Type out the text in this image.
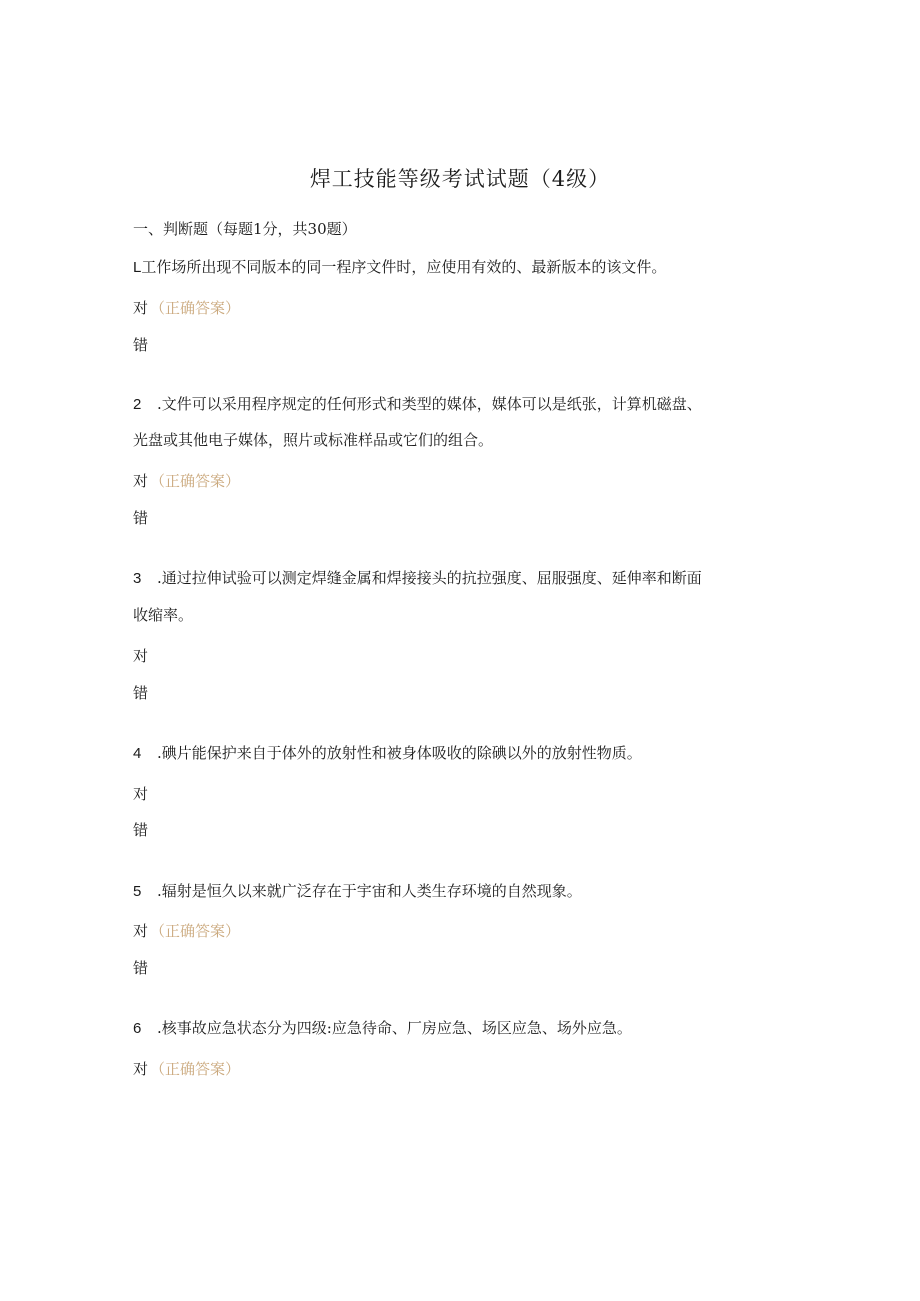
焊工技能等级考试试题（4级）
一、判断题（每题1分，共30题）
L工作场所出现不同版本的同一程序文件时，应使用有效的、最新版本的该文件。
对 （正确答案）
错
2 .文件可以采用程序规定的任何形式和类型的媒体，媒体可以是纸张，计算机磁盘、
光盘或其他电子媒体，照片或标准样品或它们的组合。
对 （正确答案）
错
3 .通过拉伸试验可以测定焊缝金属和焊接接头的抗拉强度、屈服强度、延伸率和断面
收缩率。
对
错
4 .碘片能保护来自于体外的放射性和被身体吸收的除碘以外的放射性物质。
对
错
5 .辐射是恒久以来就广泛存在于宇宙和人类生存环境的自然现象。
对 （正确答案）
错
6 .核事故应急状态分为四级:应急待命、厂房应急、场区应急、场外应急。
对 （正确答案）
